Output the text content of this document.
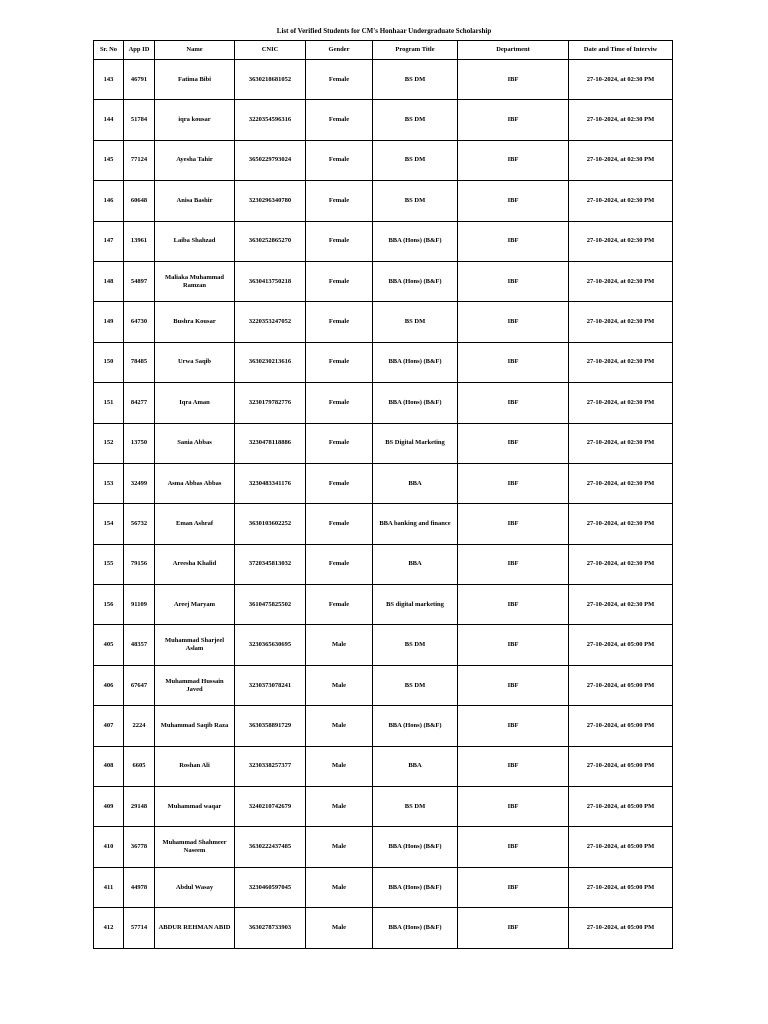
List of Verified Students for CM's Honhaar Undergraduate Scholarship
Sr. No	App ID	Name	CNIC	Gender	Program Title	Department	Date and Time of Interviw
143	46791	Fatima Bibi	3630218681052	Female	BS DM	IBF	27-10-2024, at 02:30 PM
144	51784	iqra kousar	3220354596316	Female	BS DM	IBF	27-10-2024, at 02:30 PM
145	77124	Ayesha Tahir	3650229793024	Female	BS DM	IBF	27-10-2024, at 02:30 PM
146	60648	Anisa Bashir	3230296340780	Female	BS DM	IBF	27-10-2024, at 02:30 PM
147	13961	Laiba Shahzad	3630252865270	Female	BBA (Hons) (B&F)	IBF	27-10-2024, at 02:30 PM
148	54897	Maliaka Muhammad Ramzan	3630413750218	Female	BBA (Hons) (B&F)	IBF	27-10-2024, at 02:30 PM
149	64730	Bushra Kousar	3220353247052	Female	BS DM	IBF	27-10-2024, at 02:30 PM
150	78485	Urwa Saqib	3630230213616	Female	BBA (Hons) (B&F)	IBF	27-10-2024, at 02:30 PM
151	84277	Iqra Aman	3230179782776	Female	BBA (Hons) (B&F)	IBF	27-10-2024, at 02:30 PM
152	13750	Sania Abbas	3230478118886	Female	BS Digital Marketing	IBF	27-10-2024, at 02:30 PM
153	32499	Asma Abbas Abbas	3230483341176	Female	BBA	IBF	27-10-2024, at 02:30 PM
154	56732	Eman Ashraf	3630103602252	Female	BBA banking and finance	IBF	27-10-2024, at 02:30 PM
155	79156	Areesha Khalid	3720345813032	Female	BBA	IBF	27-10-2024, at 02:30 PM
156	91109	Areej Maryam	3610475825502	Female	BS digital marketing	IBF	27-10-2024, at 02:30 PM
405	48357	Muhammad Sharjeel Aslam	3230365630695	Male	BS DM	IBF	27-10-2024, at 05:00 PM
406	67647	Muhammad Hussain Javed	3230373078241	Male	BS DM	IBF	27-10-2024, at 05:00 PM
407	2224	Muhammad Saqib Raza	3630358891729	Male	BBA (Hons) (B&F)	IBF	27-10-2024, at 05:00 PM
408	6605	Roshan Ali	3230338257377	Male	BBA	IBF	27-10-2024, at 05:00 PM
409	29148	Muhammad waqar	3240210742679	Male	BS DM	IBF	27-10-2024, at 05:00 PM
410	36778	Muhammad Shahmeer Naseem	3630222437485	Male	BBA (Hons) (B&F)	IBF	27-10-2024, at 05:00 PM
411	44978	Abdul Wasay	3230460597045	Male	BBA (Hons) (B&F)	IBF	27-10-2024, at 05:00 PM
412	57714	ABDUR REHMAN ABID	3630278733903	Male	BBA (Hons) (B&F)	IBF	27-10-2024, at 05:00 PM
